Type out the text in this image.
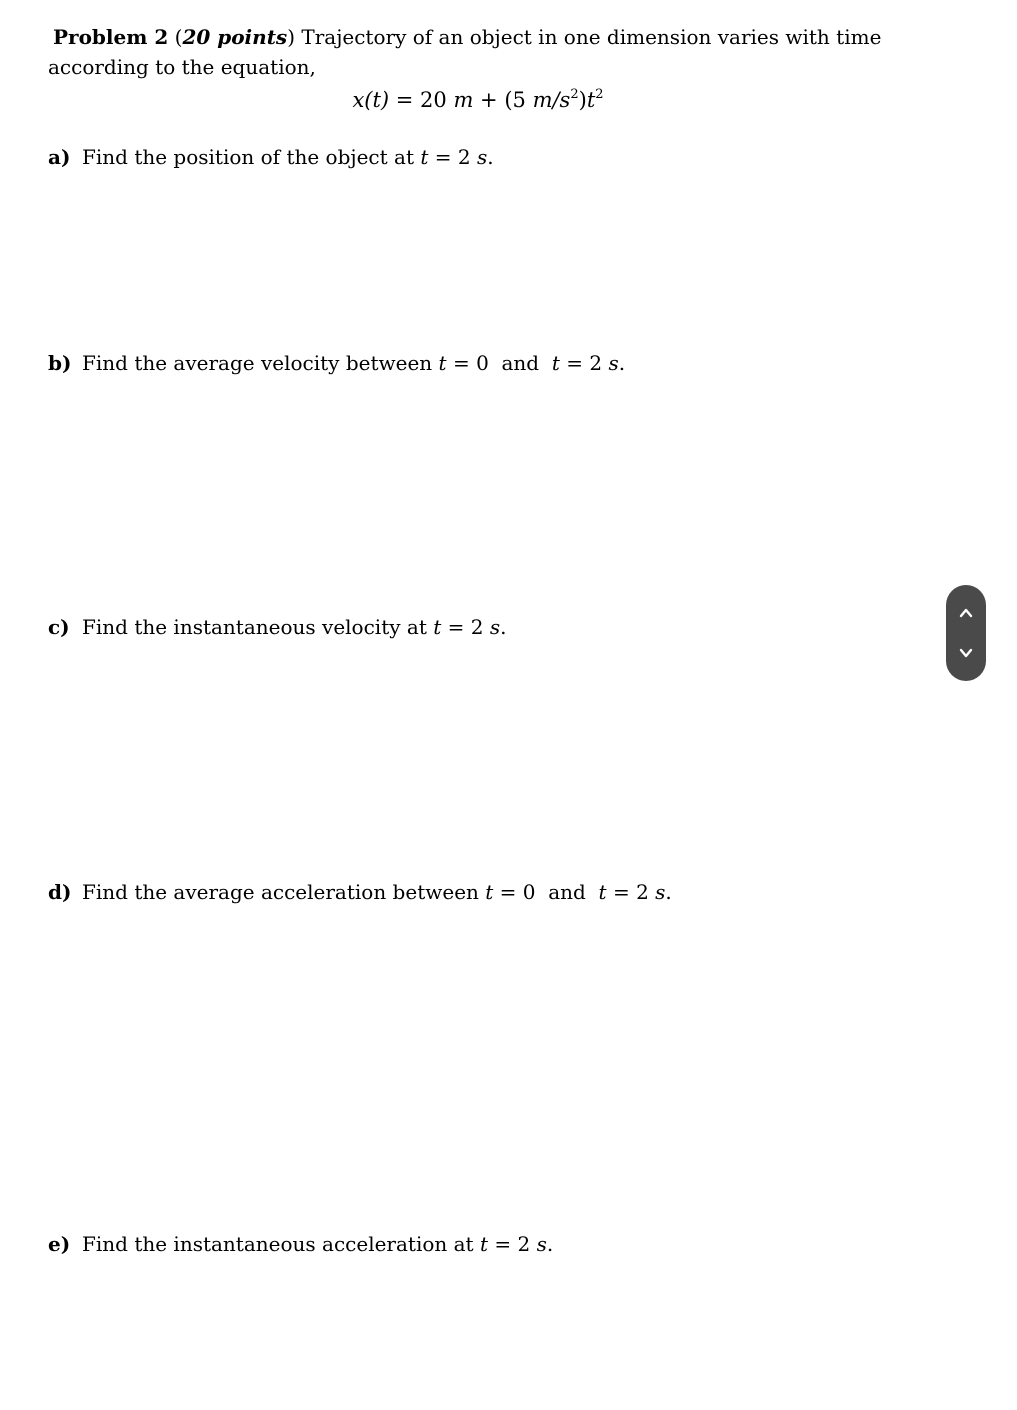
Problem 2 (20 points) Trajectory of an object in one dimension varies with time according to the equation,
x(t) = 20 m + (5 $m/s^2)t^2$
a) Find the position of the object at t = 2 s.
b) Find the average velocity between t = 0  and  t = 2 s.
c) Find the instantaneous velocity at t = 2 s.
d) Find the average acceleration between t = 0  and  t = 2 s.
e) Find the instantaneous acceleration at t = 2 s.
